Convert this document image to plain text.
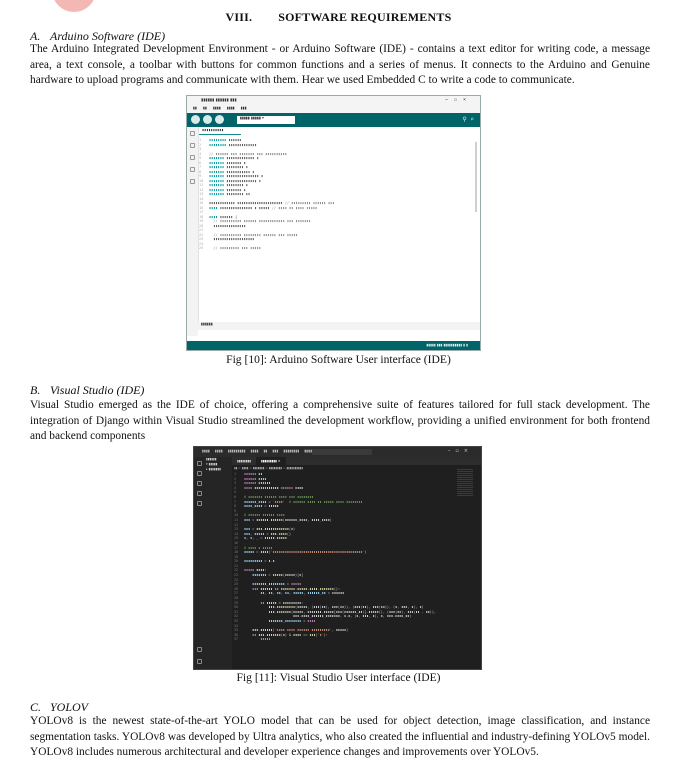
VIII. SOFTWARE REQUIREMENTS
A. Arduino Software (IDE)
The Arduino Integrated Development Environment - or Arduino Software (IDE) - contains a text editor for writing code, a message area, a text console, a toolbar with buttons for common functions and a series of menus. It connects to the Arduino and Genuine hardware to upload programs and communicate with them. Hear we used Embedded C to write a code to communicate.
▮▮▮▮▮▮ ▮▮▮▮▮▮ ▮▮▮	–▫×
▮▮ ▮▮ ▮▮▮▮ ▮▮▮▮ ▮▮▮
▮▮▮▮▮ ▮▮▮▮▮ ▾	⚲ ⌕
▮▮▮▮▮▮▮▮▮▮
1 ▮▮▮▮▮▮▮▮ ▮▮▮▮▮▮
2 ▮▮▮▮▮▮▮▮ ▮▮▮▮▮▮▮▮▮▮▮▮▮
3
4 // ▮▮▮▮▮▮ ▮▮▮ ▮▮▮▮▮▮▮ ▮▮▮ ▮▮▮▮▮▮▮▮▮▮
5 ▮▮▮▮▮▮▮ ▮▮▮▮▮▮▮▮▮▮▮▮▮ ▮
6 ▮▮▮▮▮▮▮ ▮▮▮▮▮▮▮ ▮
7 ▮▮▮▮▮▮▮ ▮▮▮▮▮▮▮▮ ▮
8 ▮▮▮▮▮▮▮ ▮▮▮▮▮▮▮▮▮▮▮ ▮
9 ▮▮▮▮▮▮▮ ▮▮▮▮▮▮▮▮▮▮▮▮▮▮▮ ▮
10 ▮▮▮▮▮▮▮ ▮▮▮▮▮▮▮▮▮▮▮▮▮▮ ▮
11 ▮▮▮▮▮▮▮ ▮▮▮▮▮▮▮▮ ▮
12 ▮▮▮▮▮▮▮ ▮▮▮▮▮▮▮ ▮
13 ▮▮▮▮▮▮▮ ▮▮▮▮▮▮▮▮ ▮▮
14
15 ▮▮▮▮▮▮▮▮▮▮▮▮ ▮▮▮▮▮▮▮▮▮▮▮▮▮▮▮▮▮▮▮▮▮ // ▮▮▮▮▮▮▮▮▮ ▮▮▮▮▮▮ ▮▮▮
16 ▮▮▮▮ ▮▮▮▮▮▮▮▮▮▮▮▮▮▮▮ ▮ ▮▮▮▮▮ // ▮▮▮▮ ▮▮ ▮▮▮▮ ▮▮▮▮▮
17
18 ▮▮▮▮ ▮▮▮▮▮▮ {
19	// ▮▮▮▮▮▮▮▮▮▮ ▮▮▮▮▮▮ ▮▮▮▮▮▮▮▮▮▮▮▮ ▮▮▮ ▮▮▮▮▮▮▮
20  ▮▮▮▮▮▮▮▮▮▮▮▮▮▮▮
21
22	// ▮▮▮▮▮▮▮▮▮▮ ▮▮▮▮▮▮▮▮ ▮▮▮▮▮▮ ▮▮▮ ▮▮▮▮▮
23  ▮▮▮▮▮▮▮▮▮▮▮▮▮▮▮▮▮▮▮
24
25	// ▮▮▮▮▮▮▮▮▮ ▮▮▮ ▮▮▮▮▮
▮▮▮▮▮▮
▮▮▮▮▮ ▮▮▮ ▮▮▮▮▮▮▮▮▮▮ ▮ ▮
Fig [10]: Arduino Software User interface (IDE)
B. Visual Studio (IDE)
Visual Studio emerged as the IDE of choice, offering a comprehensive suite of features tailored for full stack development. The integration of Django within Visual Studio streamlined the development workflow, providing a unified environment for both frontend and backend components
▮▮▮▮ ▮▮▮▮ ▮▮▮▮▮▮▮▮▮ ▮▮▮▮ ▮▮ ▮▮▮ ▮▮▮▮▮▮▮▮ ▮▮▮▮	–▫×
▮▮▮▮▮▮
▾ ▮▮▮▮▮
▸ ▮▮▮▮▮▮▮
▮▮▮▮▮▮▮▮	▮▮▮▮▮▮▮▮▮ ×
▮▮ > ▮▮▮▮ > ▮▮▮▮▮▮▮ > ▮▮▮▮▮▮▮▮ > ▮▮▮▮▮▮▮▮▮▮
1 ▮▮▮▮▮▮ ▮▮
2 ▮▮▮▮▮▮ ▮▮▮▮
3 ▮▮▮▮▮▮ ▮▮▮▮▮▮
4 ▮▮▮▮ ▮▮▮▮▮▮▮▮▮▮▮▮ ▮▮▮▮▮▮ ▮▮▮▮
5
6 # ▮▮▮▮▮▮▮ ▮▮▮▮▮▮ ▮▮▮▮ ▮▮▮ ▮▮▮▮▮▮▮▮
7 ▮▮▮▮▮▮_▮▮▮▮ = '▮▮▮▮' # ▮▮▮▮▮▮ ▮▮▮▮ ▮▮ ▮▮▮▮▮ ▮▮▮▮ ▮▮▮▮▮▮▮▮
8 ▮▮▮▮_▮▮▮▮ = ▮▮▮▮▮
9
10 # ▮▮▮▮▮▮ ▮▮▮▮▮▮ ▮▮▮▮
11 ▮▮▮ = ▮▮▮▮▮▮.▮▮▮▮▮▮(▮▮▮▮▮▮_▮▮▮▮, ▮▮▮▮_▮▮▮▮)
12
13 ▮▮▮ = ▮▮▮.▮▮▮▮▮▮▮▮▮▮▮▮(▮)
14 ▮▮▮, ▮▮▮▮▮ = ▮▮▮.▮▮▮▮()
15 ▮, ▮, _ = ▮▮▮▮▮.▮▮▮▮▮
16
17 # ▮▮▮▮ ▮ ▮▮▮▮▮
18 ▮▮▮▮▮ = ▮▮▮▮('▮▮▮▮▮▮▮▮▮▮▮▮▮▮▮▮▮▮▮▮▮▮▮▮▮▮▮▮▮▮▮▮▮▮▮▮▮▮▮▮▮▮▮▮')
19
20 ▮▮▮▮▮▮▮▮▮ = ▮.▮
21
22 ▮▮▮▮▮ ▮▮▮▮:
23	▮▮▮▮▮▮▮ = ▮▮▮▮▮(▮▮▮▮▮)[▮]
24
25	▮▮▮▮▮▮▮_▮▮▮▮▮▮▮▮ = ▮▮▮▮▮
26	▮▮▮ ▮▮▮▮▮▮ ▮▮ ▮▮▮▮▮▮▮.▮▮▮▮▮.▮▮▮▮.▮▮▮▮▮▮▮():
27	▮▮, ▮▮, ▮▮, ▮▮, ▮▮▮▮▮, ▮▮▮▮▮▮_▮▮ = ▮▮▮▮▮▮
28
29	▮▮ ▮▮▮▮▮ > ▮▮▮▮▮▮▮▮▮:
30	▮▮▮.▮▮▮▮▮▮▮▮▮(▮▮▮▮▮, (▮▮▮(▮▮), ▮▮▮(▮▮)), (▮▮▮(▮▮), ▮▮▮(▮▮)), (▮, ▮▮▮, ▮), ▮)
31	▮▮▮.▮▮▮▮▮▮▮(▮▮▮▮▮, ▮▮▮▮▮▮▮.▮▮▮▮▮[▮▮▮(▮▮▮▮▮▮_▮▮)].▮▮▮▮▮(), (▮▮▮(▮▮), ▮▮▮(▮▮ - ▮▮)),
32                        ▮▮▮.▮▮▮▮_▮▮▮▮▮▮_▮▮▮▮▮▮▮, ▮.▮, (▮, ▮▮▮, ▮), ▮, ▮▮▮.▮▮▮▮_▮▮)
33	▮▮▮▮▮▮▮_▮▮▮▮▮▮▮▮ = ▮▮▮▮
34
35	▮▮▮.▮▮▮▮▮▮('▮▮▮▮ ▮▮▮▮ ▮▮▮▮▮▮ ▮▮▮▮▮▮▮▮▮', ▮▮▮▮▮)
36	▮▮ ▮▮▮.▮▮▮▮▮▮▮(▮) & ▮▮▮▮ == ▮▮▮('▮'):
37	▮▮▮▮▮
Fig [11]: Visual Studio User interface (IDE)
C. YOLOV
YOLOv8 is the newest state-of-the-art YOLO model that can be used for object detection, image classification, and instance segmentation tasks. YOLOv8 was developed by Ultra analytics, who also created the influential and industry-defining YOLOv5 model. YOLOv8 includes numerous architectural and developer experience changes and improvements over YOLOv5.
